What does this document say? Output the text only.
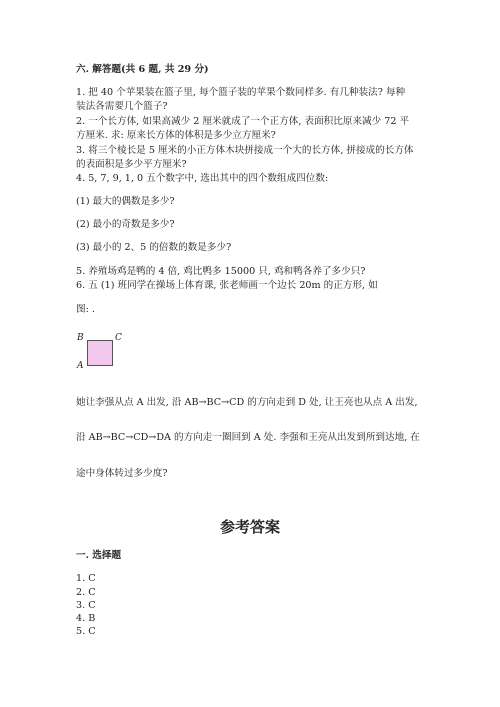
六. 解答题(共 6 题, 共 29 分)
1. 把 40 个苹果装在篮子里, 每个篮子装的苹果个数同样多. 有几种装法? 每种
装法各需要几个篮子?
2. 一个长方体, 如果高减少 2 厘米就成了一个正方体, 表面积比原来减少 72 平
方厘米. 求: 原来长方体的体积是多少立方厘米?
3. 将三个棱长是 5 厘米的小正方体木块拼接成一个大的长方体, 拼接成的长方体
的表面积是多少平方厘米?
4. 5, 7, 9, 1, 0 五个数字中, 选出其中的四个数组成四位数:
(1) 最大的偶数是多少?
(2) 最小的奇数是多少?
(3) 最小的 2、5 的倍数的数是多少?
5. 养殖场鸡是鸭的 4 倍, 鸡比鸭多 15000 只, 鸡和鸭各养了多少只?
6. 五 (1) 班同学在操场上体育课, 张老师画一个边长 20m 的正方形, 如
图: .
B	C
A
她让李强从点 A 出发, 沿 AB→BC→CD 的方向走到 D 处, 让王亮也从点 A 出发,
沿 AB→BC→CD→DA 的方向走一圈回到 A 处. 李强和王亮从出发到所到达地, 在
途中身体转过多少度?
参考答案
一. 选择题
1. C
2. C
3. C
4. B
5. C
